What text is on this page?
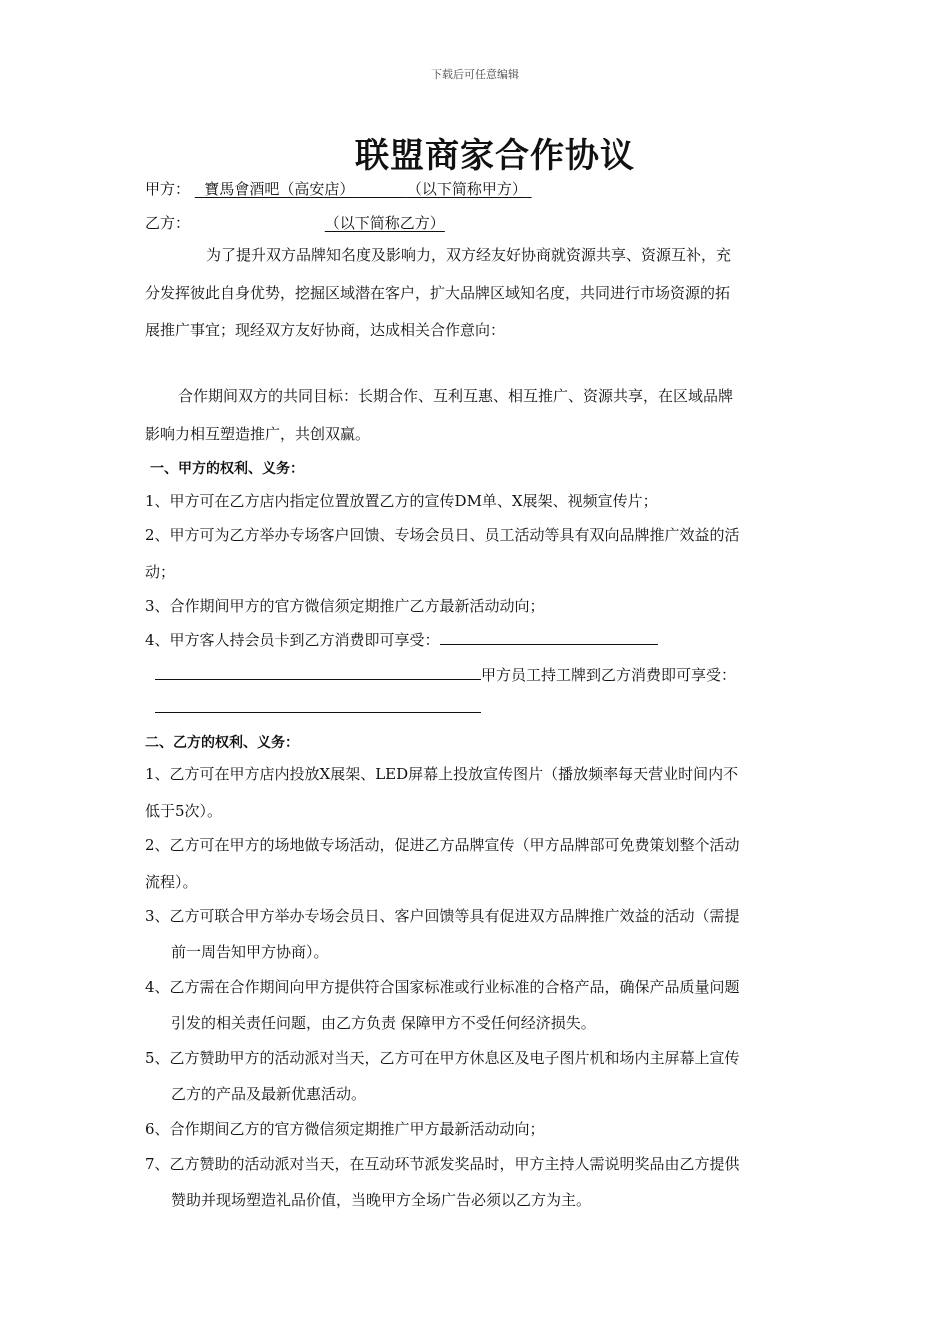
下载后可任意编辑
联盟商家合作协议
甲方： 寶馬會酒吧（高安店）	（以下简称甲方）
乙方：	（以下简称乙方）
为了提升双方品牌知名度及影响力，双方经友好协商就资源共享、资源互补，充
分发挥彼此自身优势，挖掘区域潜在客户，扩大品牌区域知名度，共同进行市场资源的拓
展推广事宜；现经双方友好协商，达成相关合作意向：
合作期间双方的共同目标：长期合作、互利互惠、相互推广、资源共享，在区域品牌
影响力相互塑造推广，共创双赢。
一、甲方的权利、义务：
1、甲方可在乙方店内指定位置放置乙方的宣传DM单、X展架、视频宣传片；
2、甲方可为乙方举办专场客户回馈、专场会员日、员工活动等具有双向品牌推广效益的活
动；
3、合作期间甲方的官方微信须定期推广乙方最新活动动向；
4、甲方客人持会员卡到乙方消费即可享受：
甲方员工持工牌到乙方消费即可享受：
二、乙方的权利、义务：
1、乙方可在甲方店内投放X展架、LED屏幕上投放宣传图片（播放频率每天营业时间内不
低于5次）。
2、乙方可在甲方的场地做专场活动，促进乙方品牌宣传（甲方品牌部可免费策划整个活动
流程）。
3、乙方可联合甲方举办专场会员日、客户回馈等具有促进双方品牌推广效益的活动（需提
前一周告知甲方协商）。
4、乙方需在合作期间向甲方提供符合国家标准或行业标准的合格产品，确保产品质量问题
引发的相关责任问题，由乙方负责 保障甲方不受任何经济损失。
5、乙方赞助甲方的活动派对当天，乙方可在甲方休息区及电子图片机和场内主屏幕上宣传
乙方的产品及最新优惠活动。
6、合作期间乙方的官方微信须定期推广甲方最新活动动向；
7、乙方赞助的活动派对当天，在互动环节派发奖品时，甲方主持人需说明奖品由乙方提供
赞助并现场塑造礼品价值，当晚甲方全场广告必须以乙方为主。
